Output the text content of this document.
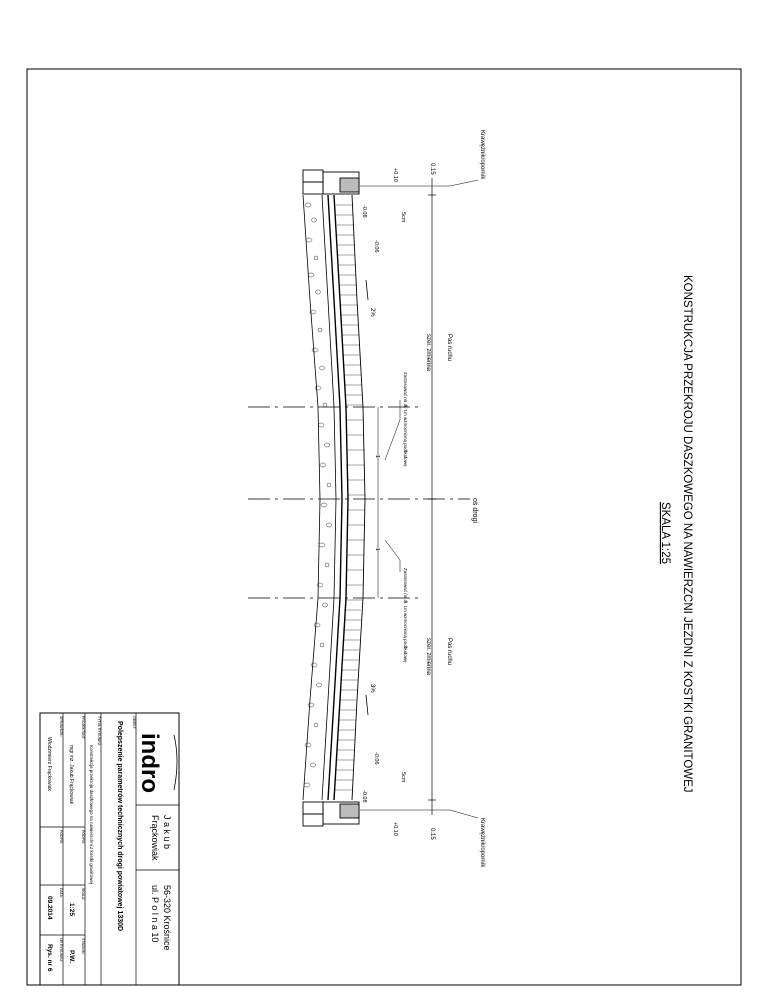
KONSTRUKCJA PRZEKROJU DASZKOWEGO NA NAWIERZCNI JEZDNI Z KOSTKI GRANITOWEJ
SKALA 1:25
oś drogi
Pas ruchu
szer. zmienna
Pas ruchu
szer. zmienna
0.15
0.15
Krawężnik/oporník
Krawężnik/oporník
+0.10
+0.10
-0.08
-0.06
-0.06
-0.08
5cm
5cm
2%
3%
1	Zastosować na dł. 1m wzmocnioną podbudowę
1
Zastosować na dł. 1m wzmocnioną podbudowę
indro
J a k u b
Frąckowiak
56-320 Krośnice
ul. P o l n a 10
OBIEKT:
Polepszenie parametrów technicznych drogi powiatowej 1330D
TYTUŁ RYSUNKU:
Konstrukcja przekroju daszkowego na nawierzchni z kostki granitowej
PROJEKTANT:
mgr inż. Jakub Frąckowiak
SPRAWDZIŁ:
Włodzimierz Frąckowiak
PODPIS:
PODPIS:
SKALA:
1:25
DATA:
09.2014
STADIUM:
P.W.
NR RYSUNKU:
Rys. nr 6
